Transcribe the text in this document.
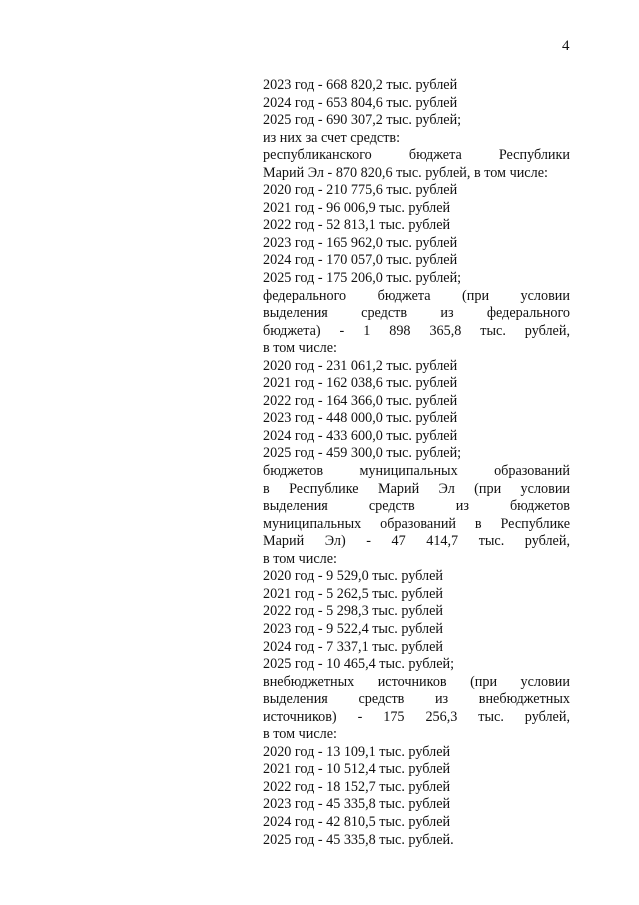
4
2023 год - 668 820,2 тыс. рублей
2024 год - 653 804,6 тыс. рублей
2025 год - 690 307,2 тыс. рублей;
из них за счет средств:
республиканского бюджета Республики
Марий Эл - 870 820,6 тыс. рублей, в том числе:
2020 год - 210 775,6 тыс. рублей
2021 год - 96 006,9 тыс. рублей
2022 год - 52 813,1 тыс. рублей
2023 год - 165 962,0 тыс. рублей
2024 год - 170 057,0 тыс. рублей
2025 год - 175 206,0 тыс. рублей;
федерального бюджета (при условии
выделения средств из федерального
бюджета) - 1 898 365,8 тыс. рублей,
в том числе:
2020 год - 231 061,2 тыс. рублей
2021 год - 162 038,6 тыс. рублей
2022 год - 164 366,0 тыс. рублей
2023 год - 448 000,0 тыс. рублей
2024 год - 433 600,0 тыс. рублей
2025 год - 459 300,0 тыс. рублей;
бюджетов муниципальных образований
в Республике Марий Эл (при условии
выделения средств из бюджетов
муниципальных образований в Республике
Марий Эл) - 47 414,7 тыс. рублей,
в том числе:
2020 год - 9 529,0 тыс. рублей
2021 год - 5 262,5 тыс. рублей
2022 год - 5 298,3 тыс. рублей
2023 год - 9 522,4 тыс. рублей
2024 год - 7 337,1 тыс. рублей
2025 год - 10 465,4 тыс. рублей;
внебюджетных источников (при условии
выделения средств из внебюджетных
источников) - 175 256,3 тыс. рублей,
в том числе:
2020 год - 13 109,1 тыс. рублей
2021 год - 10 512,4 тыс. рублей
2022 год - 18 152,7 тыс. рублей
2023 год - 45 335,8 тыс. рублей
2024 год - 42 810,5 тыс. рублей
2025 год - 45 335,8 тыс. рублей.
